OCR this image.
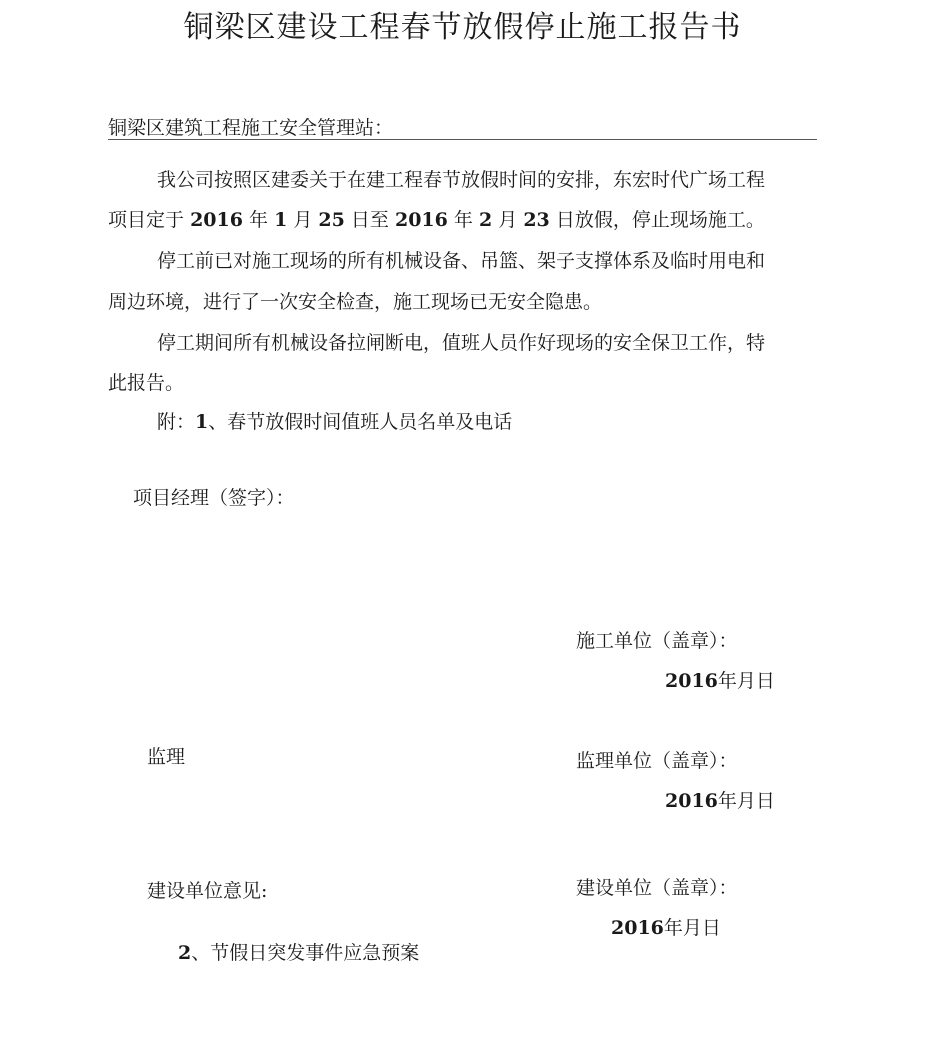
铜梁区建设工程春节放假停止施工报告书
铜梁区建筑工程施工安全管理站：
我公司按照区建委关于在建工程春节放假时间的安排，东宏时代广场工程
项目定于 2016 年 1 月 25 日至 2016 年 2 月 23 日放假，停止现场施工。
停工前已对施工现场的所有机械设备、吊篮、架子支撑体系及临时用电和
周边环境，进行了一次安全检查，施工现场已无安全隐患。
停工期间所有机械设备拉闸断电，值班人员作好现场的安全保卫工作，特
此报告。
附：1、春节放假时间值班人员名单及电话
项目经理（签字）：
施工单位（盖章）：
2016年月日
监理	监理单位（盖章）：
2016年月日
建设单位意见:	建设单位（盖章）：
2016年月日
2、节假日突发事件应急预案
